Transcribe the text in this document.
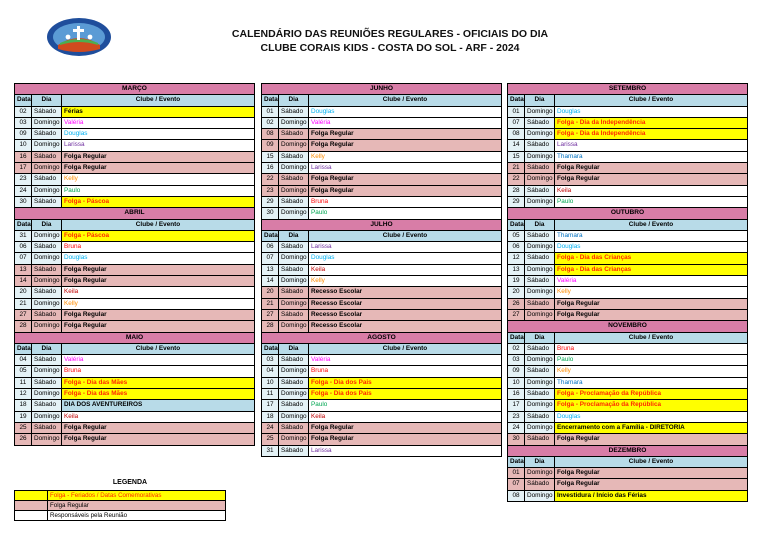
CALENDÁRIO DAS REUNIÕES REGULARES - OFICIAIS DO DIA
CLUBE CORAIS KIDS - COSTA DO SOL - ARF - 2024
MARÇO		
Data	Dia	Clube / Evento
02	Sábado	Férias
03	Domingo	Valéria
09	Sábado	Douglas
10	Domingo	Larissa
16	Sábado	Folga Regular
17	Domingo	Folga Regular
23	Sábado	Kelly
24	Domingo	Paulo
30	Sábado	Folga - Páscoa
ABRIL		
Data	Dia	Clube / Evento
31	Domingo	Folga - Páscoa
06	Sábado	Bruna
07	Domingo	Douglas
13	Sábado	Folga Regular
14	Domingo	Folga Regular
20	Sábado	Keila
21	Domingo	Kelly
27	Sábado	Folga Regular
28	Domingo	Folga Regular
MAIO		
Data	Dia	Clube / Evento
04	Sábado	Valéria
05	Domingo	Bruna
11	Sábado	Folga - Dia das Mães
12	Domingo	Folga - Dia das Mães
18	Sábado	DIA DOS AVENTUREIROS
19	Domingo	Keila
25	Sábado	Folga Regular
26	Domingo	Folga Regular
JUNHO		
Data	Dia	Clube / Evento
01	Sábado	Douglas
02	Domingo	Valéria
08	Sábado	Folga Regular
09	Domingo	Folga Regular
15	Sábado	Kelly
16	Domingo	Larissa
22	Sábado	Folga Regular
23	Domingo	Folga Regular
29	Sábado	Bruna
30	Domingo	Paulo
JULHO		
Data	Dia	Clube / Evento
06	Sábado	Larissa
07	Domingo	Douglas
13	Sábado	Keila
14	Domingo	Kelly
20	Sábado	Recesso Escolar
21	Domingo	Recesso Escolar
27	Sábado	Recesso Escolar
28	Domingo	Recesso Escolar
AGOSTO		
Data	Dia	Clube / Evento
03	Sábado	Valéria
04	Domingo	Bruna
10	Sábado	Folga - Dia dos Pais
11	Domingo	Folga - Dia dos Pais
17	Sábado	Paulo
18	Domingo	Keila
24	Sábado	Folga Regular
25	Domingo	Folga Regular
31	Sábado	Larissa
SETEMBRO		
Data	Dia	Clube / Evento
01	Domingo	Douglas
07	Sábado	Folga - Dia da Independência
08	Domingo	Folga - Dia da Independência
14	Sábado	Larissa
15	Domingo	Thamara
21	Sábado	Folga Regular
22	Domingo	Folga Regular
28	Sábado	Keila
29	Domingo	Paulo
OUTUBRO		
Data	Dia	Clube / Evento
05	Sábado	Thamara
06	Domingo	Douglas
12	Sábado	Folga - Dia das Crianças
13	Domingo	Folga - Dia das Crianças
19	Sábado	Valéria
20	Domingo	Kelly
26	Sábado	Folga Regular
27	Domingo	Folga Regular
NOVEMBRO		
Data	Dia	Clube / Evento
02	Sábado	Bruna
03	Domingo	Paulo
09	Sábado	Kelly
10	Domingo	Thamara
16	Sábado	Folga - Proclamação da República
17	Domingo	Folga - Proclamação da República
23	Sábado	Douglas
24	Domingo	Encerramento com a Família - DIRETORIA
30	Sábado	Folga Regular
DEZEMBRO		
Data	Dia	Clube / Evento
01	Domingo	Folga Regular
07	Sábado	Folga Regular
08	Domingo	Investidura / Início das Férias
LEGENDA
	Folga - Feriados / Datas Comemorativas
	Folga Regular
	Responsáveis pela Reunião
